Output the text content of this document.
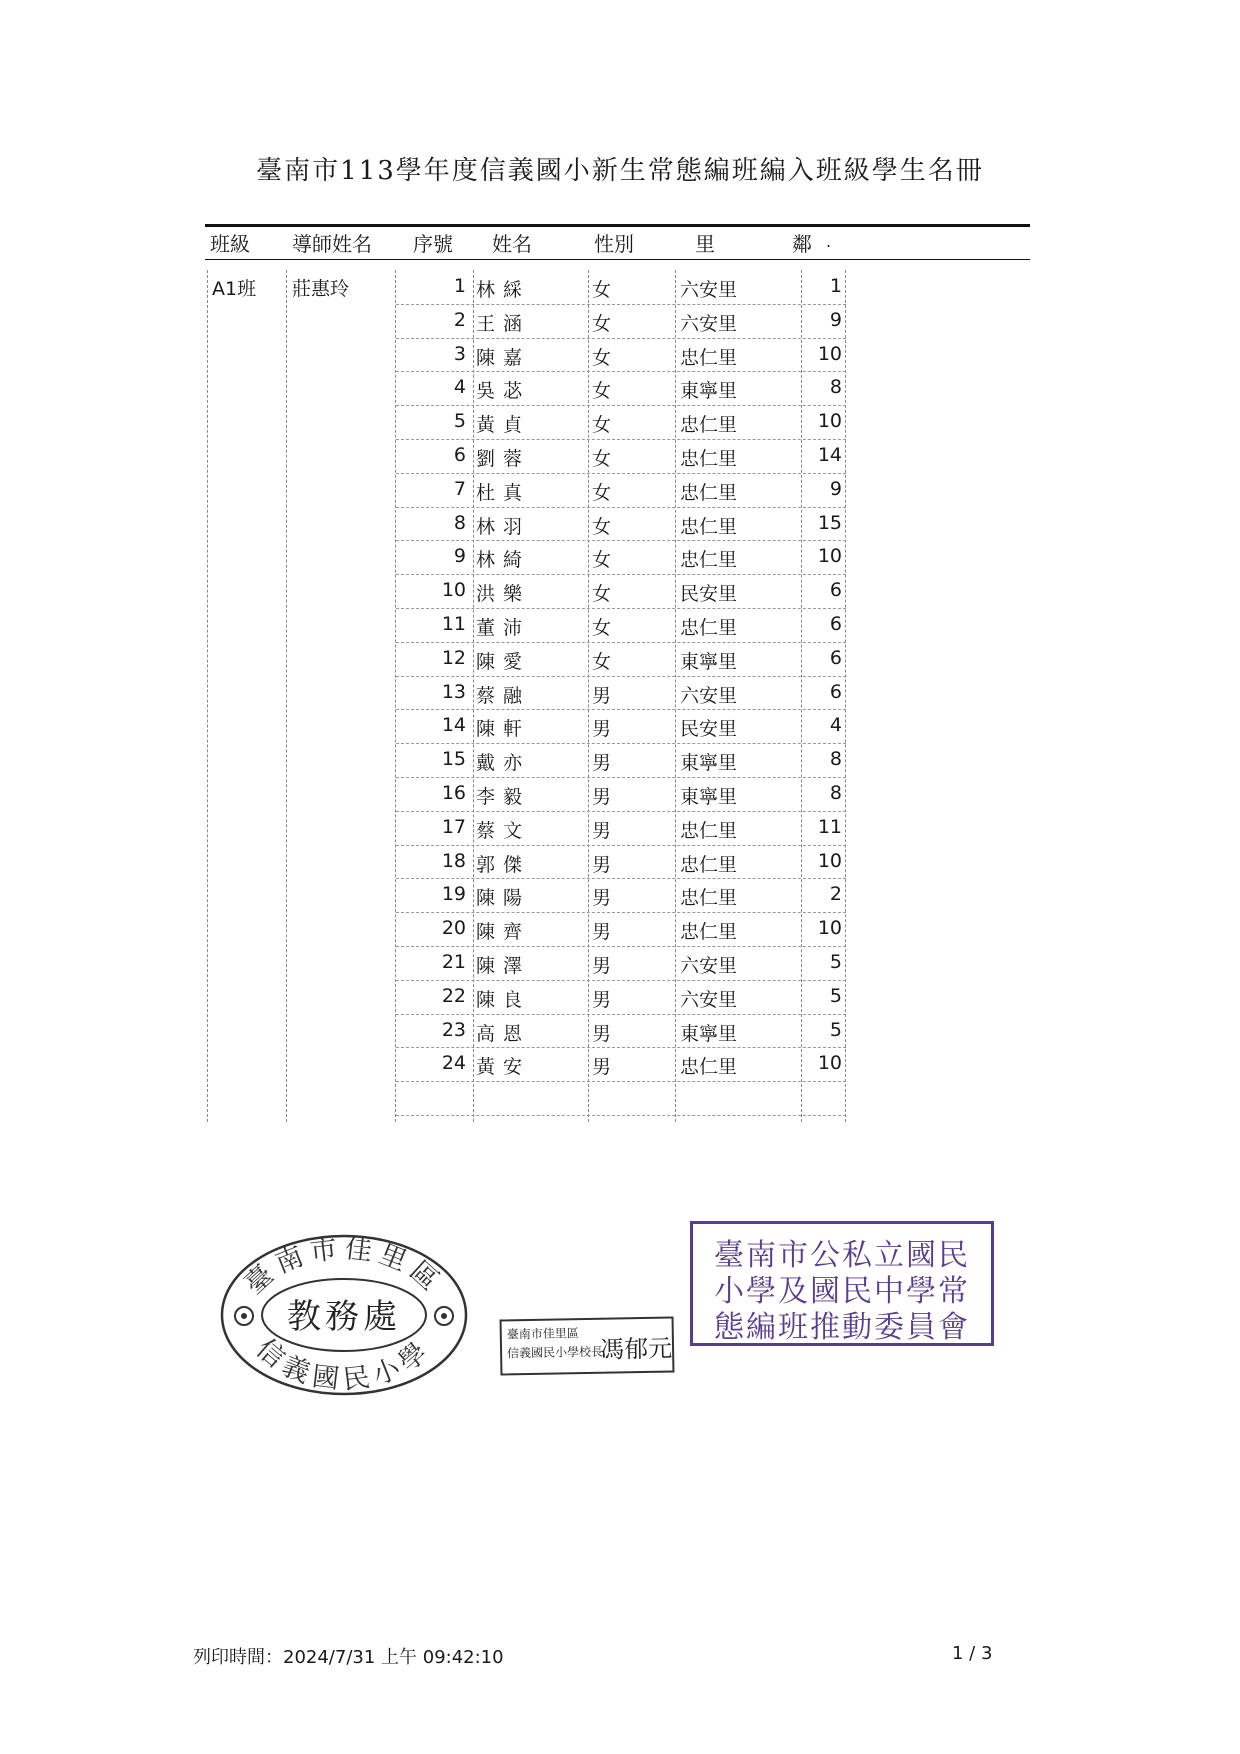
臺南市113學年度信義國小新生常態編班編入班級學生名冊
班級 導師姓名 序號 姓名	性別	里	鄰 .
A1班 莊惠玲	1 林 綵	女	六安里	1
2 王 涵	女	六安里	9
3 陳 嘉	女	忠仁里	10
4 吳 苾	女	東寧里	8
5 黃 貞	女	忠仁里	10
6 劉 蓉	女	忠仁里	14
7 杜 真	女	忠仁里	9
8 林 羽	女	忠仁里	15
9 林 綺	女	忠仁里	10
10 洪 樂	女	民安里	6
11 董 沛	女	忠仁里	6
12 陳 愛	女	東寧里	6
13 蔡 融	男	六安里	6
14 陳 軒	男	民安里	4
15 戴 亦	男	東寧里	8
16 李 毅	男	東寧里	8
17 蔡 文	男	忠仁里	11
18 郭 傑	男	忠仁里	10
19 陳 陽	男	忠仁里	2
20 陳 齊	男	忠仁里	10
21 陳 澤	男	六安里	5
22 陳 良	男	六安里	5
23 高 恩	男	東寧里	5
24 黃 安	男	忠仁里	10
臺南市佳里區
信義國民小學
教務處	臺南市佳里區
信義國民小學校長
馮郁元
臺南市公私立國民
小學及國民中學常
態編班推動委員會
列印時間：2024/7/31 上午 09:42:10	1 / 3
